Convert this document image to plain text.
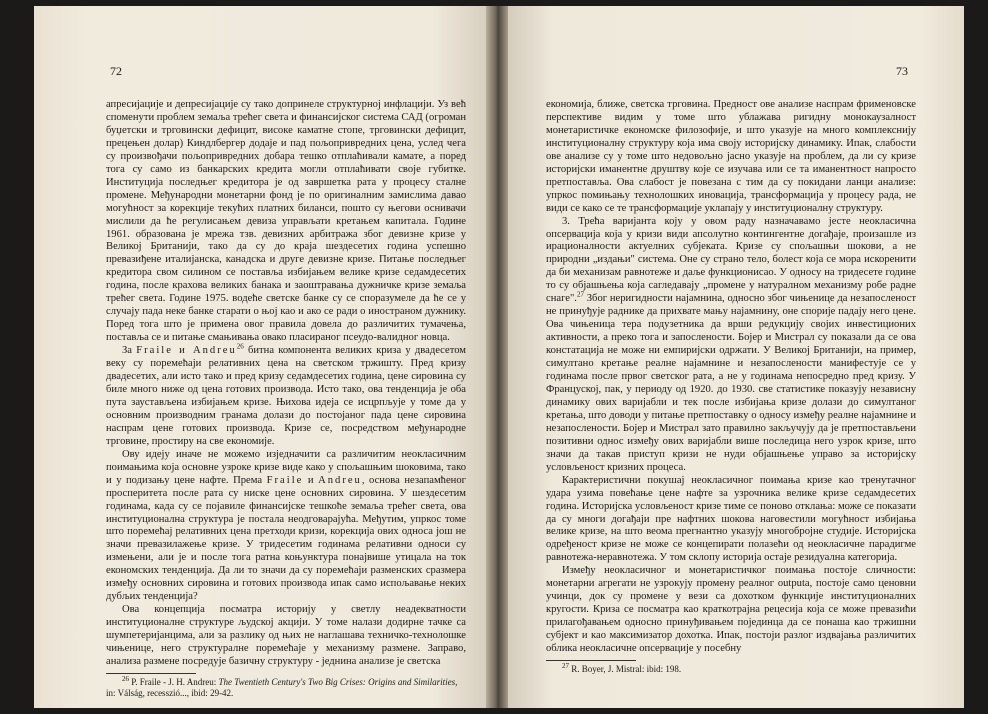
72

апресијације и депресијације су тако допринеле структурној инфлацији. Уз већ споменути проблем земаља трећег света и финансијског система САД (огроман буџетски и трговински дефицит, високе каматне стопе, трговински дефицит, прецењен долар) Киндлбергер додаје и пад пољопривредних цена, услед чега су произвођачи пољопривредних добара тешко отплаћивали камате, а поред тога су само из банкарских кредита могли отплаћивати своје губитке. Институција последњег кредитора је од завршетка рата у процесу сталне промене. Међународни монетарни фонд је по оригиналним замислима давао могућност за корекције текућих платних биланси, пошто су његови оснивачи мислили да ће регулисањем девиза управљати кретањем капитала. Године 1961. образована је мрежа тзв. девизних арбитража због девизне кризе у Великој Британији, тако да су до краја шездесетих година успешно превазиђене италијанска, канадска и друге девизне кризе. Питање последњег кредитора свом силином се поставља избијањем велике кризе седамдесетих година, после крахова великих банака и заоштравања дужничке кризе земаља трећег света. Године 1975. водеће светске банке су се споразумеле да ће се у случају пада неке банке старати о њој као и ако се ради о иностраном дужнику. Поред тога што је примена овог правила довела до различитих тумачења, поставља се и питање смањивања овако пласираног псеудо-валидног новца.

За Fraile и Andreu$^{26}$ битна компонента великих криза у двадесетом веку су поремећаји релативних цена на светском тржишту. Пред кризу двадесетих, али исто тако и пред кризу седамдесетих година, цене сировина су биле много ниже од цена готових производа. Исто тако, ова тенденција је оба пута заустављена избијањем кризе. Њихова идеја се исцрпљује у томе да у основним производним гранама долази до постојаног пада цене сировина наспрам цене готових производа. Кризе се, посредством међународне трговине, простиру на све економије.

Ову идеју иначе не можемо изједначити са различитим неокласичним поимањима која основне узроке кризе виде како у спољашњим шоковима, тако и у подизању цене нафте. Према Fraile и Andreu, основа незапамћеног просперитета после рата су ниске цене основних сировина. У шездесетим годинама, када су се појавиле финансијске тешкоће земаља трећег света, ова институционална структура је постала неодговарајућа. Међутим, упркос томе што поремећај релативних цена претходи кризи, корекција ових односа још не значи превазилажење кризе. У тридесетим годинама релативни односи су измењени, али је и после тога ратна коњунктура понајвише утицала на ток економских тенденција. Да ли то значи да су поремећаји разменских сразмера између основних сировина и готових производа ипак само испољавање неких дубљих тенденција?

Ова концепција посматра историју у светлу неадекватности институционалне структуре људској акцији. У томе налази додирне тачке са шумпетеријанцима, али за разлику од њих не наглашава техничко-технолошке чињенице, него структуралне поремећаје у механизму размене. Заправо, анализа размене посредује базичну структуру - једнина анализе је светска

$^{26}$ P. Fraile - J. H. Andreu: The Twentieth Century's Two Big Crises: Origins and Similarities, in: Válság, recesszió..., ibid: 29-42.

73

економија, ближе, светска трговина. Предност ове анализе наспрам фрименовске перспективе видим у томе што ублажава ригидну монокаузалност монетаристичке економске филозофије, и што указује на много комплекснију институционалну структуру која има своју историјску динамику. Ипак, слабости ове анализе су у томе што недовољно јасно указује на проблем, да ли су кризе историјски иманентне друштву које се изучава или се та иманентност напросто претпоставља. Ова слабост је повезана с тим да су покидани ланци анализе: упркос помињању технолошких иновација, трансформација у процесу рада, не види се како се те трансформације уклапају у институционалну структуру.

3. Трећа варијанта коју у овом раду назначавамо јесте неокласична опсервација која у кризи види апсолутно контингентне догађаје, произашле из ирационалности актуелних субјеката. Кризе су спољашњи шокови, а не природни „издањи" система. Оне су страно тело, болест која се мора искоренити да би механизам равнотеже и даље функционисао. У односу на тридесете године то су објашњења која сагледавају „промене у натуралном механизму робе радне снаге".$^{27}$ Због неригидности најамнина, односно због чињенице да незапосленост не принуђује раднике да прихвате мању најамнину, оне спорије падају него цене. Ова чињеница тера подузетника да врши редукцију својих инвестиционих активности, а преко тога и запослености. Бојер и Мистрал су показали да се ова констатација не може ни емпиријски одржати. У Великој Британији, на пример, симултано кретање реалне најамнине и незапослености манифестује се у годинама после првог светског рата, а не у годинама непосредно пред кризу. У Француској, пак, у периоду од 1920. до 1930. све статистике показују независну динамику ових варијабли и тек после избијања кризе долази до симултаног кретања, што доводи у питање претпоставку о односу између реалне најамнине и незапослености. Бојер и Мистрал зато правилно закључују да је претпостављени позитивни однос између ових варијабли више последица него узрок кризе, што значи да такав приступ кризи не нуди објашњење управо за историјску условљеност кризних процеса.

Карактеристични покушај неокласичног поимања кризе као тренутачног удара узима повећање цене нафте за узрочника велике кризе седамдесетих година. Историјска условљеност кризе тиме се поново отклања: може се показати да су многи догађаји пре нафтних шокова наговестили могућност избијања велике кризе, на што веома прегнантно указују многобројне студије. Историјска одређеност кризе не може се концепирати полазећи од неокласичне парадигме равнотежа-неравнотежа. У том склопу историја остаје резидуална категорија.

Између неокласичног и монетаристичког поимања постоје сличности: монетарни агрегати не узрокују промену реалног outputa, постоје само ценовни учинци, док су промене у вези са дохотком функције институционалних кругости. Криза се посматра као краткотрајна рецесија која се може превазићи прилагођавањем односно принуђивањем појединца да се понаша као тржишни субјект и као максимизатор дохотка. Ипак, постоји разлог издвајања различитих облика неокласичне опсервације у посебну

$^{27}$ R. Boyer, J. Mistral: ibid: 198.
